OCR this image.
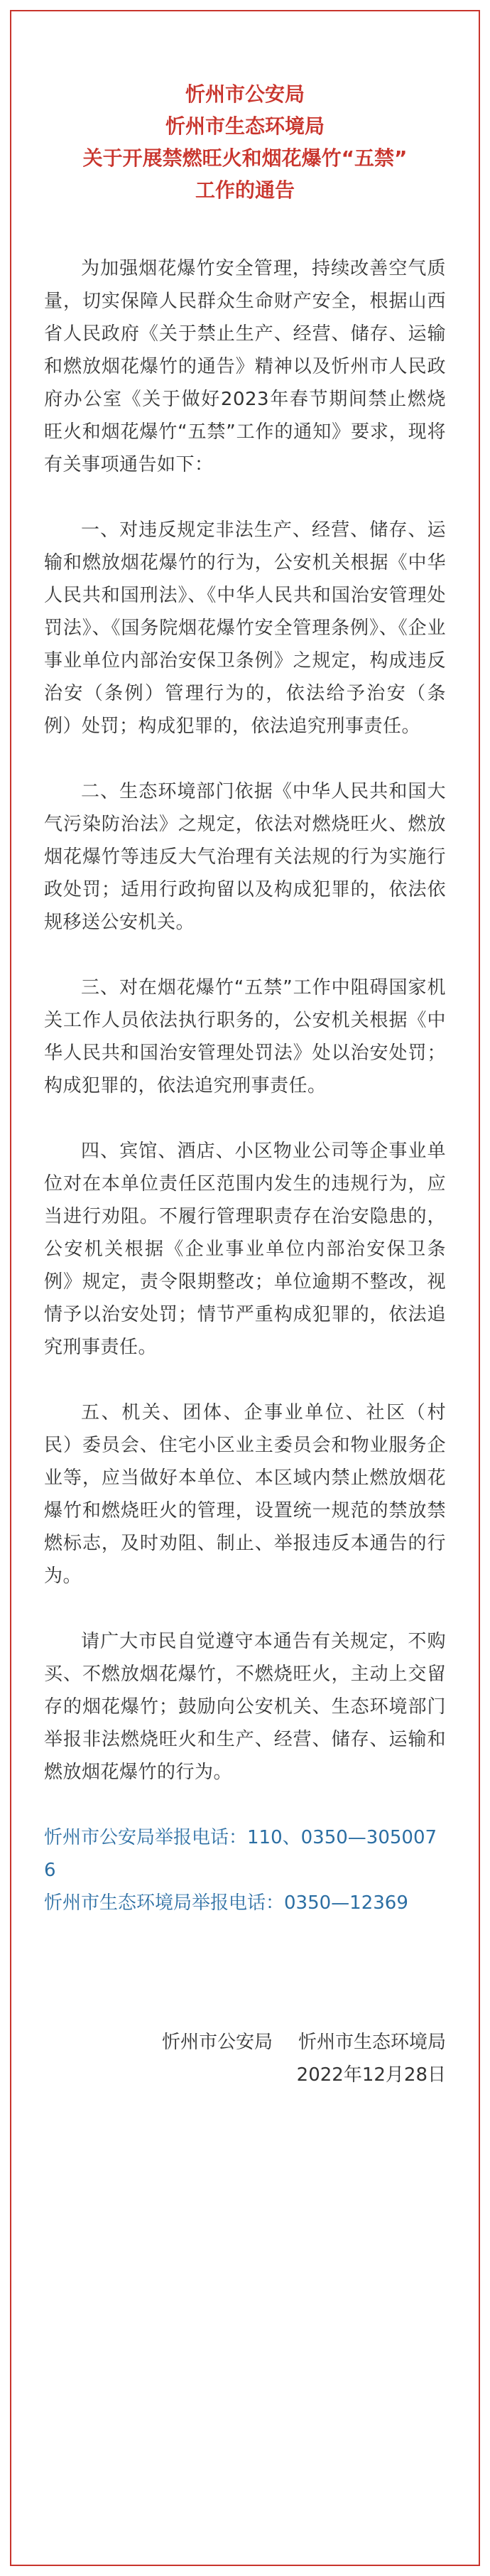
忻州市公安局
忻州市生态环境局
关于开展禁燃旺火和烟花爆竹“五禁”
工作的通告

为加强烟花爆竹安全管理，持续改善空气质量，切实保障人民群众生命财产安全，根据山西省人民政府《关于禁止生产、经营、储存、运输和燃放烟花爆竹的通告》精神以及忻州市人民政府办公室《关于做好2023年春节期间禁止燃烧旺火和烟花爆竹“五禁”工作的通知》要求，现将有关事项通告如下：

一、对违反规定非法生产、经营、储存、运输和燃放烟花爆竹的行为，公安机关根据《中华人民共和国刑法》、《中华人民共和国治安管理处罚法》、《国务院烟花爆竹安全管理条例》、《企业事业单位内部治安保卫条例》之规定，构成违反治安（条例）管理行为的，依法给予治安（条例）处罚；构成犯罪的，依法追究刑事责任。

二、生态环境部门依据《中华人民共和国大气污染防治法》之规定，依法对燃烧旺火、燃放烟花爆竹等违反大气治理有关法规的行为实施行政处罚；适用行政拘留以及构成犯罪的，依法依规移送公安机关。

三、对在烟花爆竹“五禁”工作中阻碍国家机关工作人员依法执行职务的，公安机关根据《中华人民共和国治安管理处罚法》处以治安处罚；构成犯罪的，依法追究刑事责任。

四、宾馆、酒店、小区物业公司等企事业单位对在本单位责任区范围内发生的违规行为，应当进行劝阻。不履行管理职责存在治安隐患的，公安机关根据《企业事业单位内部治安保卫条例》规定，责令限期整改；单位逾期不整改，视情予以治安处罚；情节严重构成犯罪的，依法追究刑事责任。

五、机关、团体、企事业单位、社区（村民）委员会、住宅小区业主委员会和物业服务企业等，应当做好本单位、本区域内禁止燃放烟花爆竹和燃烧旺火的管理，设置统一规范的禁放禁燃标志，及时劝阻、制止、举报违反本通告的行为。

请广大市民自觉遵守本通告有关规定，不购买、不燃放烟花爆竹，不燃烧旺火，主动上交留存的烟花爆竹；鼓励向公安机关、生态环境部门举报非法燃烧旺火和生产、经营、储存、运输和燃放烟花爆竹的行为。

忻州市公安局举报电话：110、0350—3050076

忻州市生态环境局举报电话：0350—12369

忻州市公安局 忻州市生态环境局
2022年12月28日
